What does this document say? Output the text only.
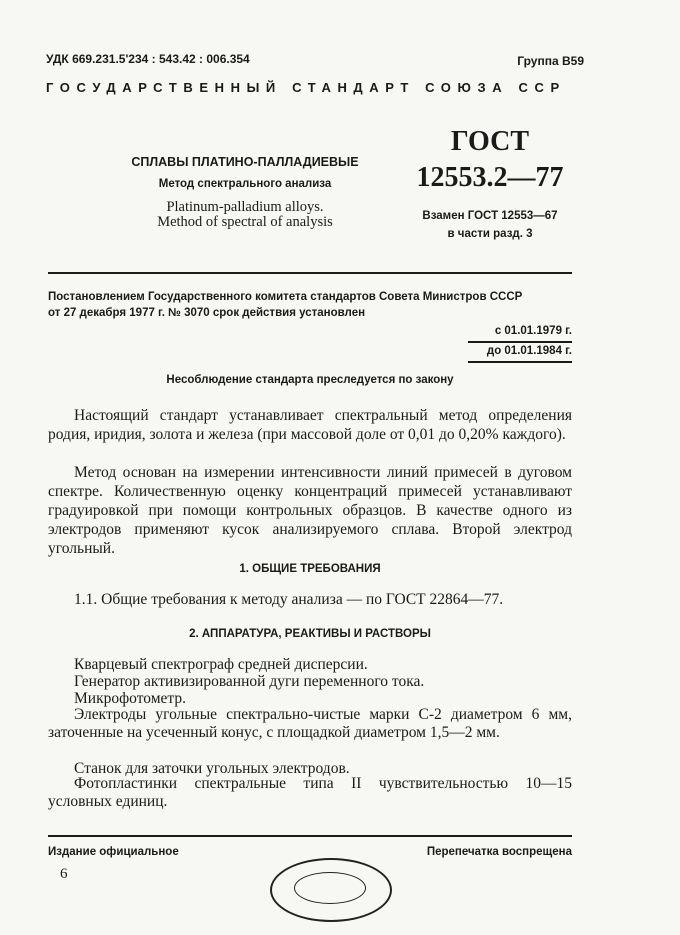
УДК 669.231.5'234 : 543.42 : 006.354	Группа В59
ГОСУДАРСТВЕННЫЙ СТАНДАРТ СОЮЗА ССР
СПЛАВЫ ПЛАТИНО-ПАЛЛАДИЕВЫЕ
Метод спектрального анализа
Platinum-palladium alloys.
Method of spectral of analysis
ГОСТ
12553.2—77
Взамен ГОСТ 12553—67
в части разд. 3
Постановлением Государственного комитета стандартов Совета Министров СССР
от 27 декабря 1977 г. № 3070 срок действия установлен
с 01.01.1979 г.
до 01.01.1984 г.
Несоблюдение стандарта преследуется по закону
Настоящий стандарт устанавливает спектральный метод определения родия, иридия, золота и железа (при массовой доле от 0,01 до 0,20% каждого).
Метод основан на измерении интенсивности линий примесей в дуговом спектре. Количественную оценку концентраций примесей устанавливают градуировкой при помощи контрольных образцов. В качестве одного из электродов применяют кусок анализируемого сплава. Второй электрод угольный.
1. ОБЩИЕ ТРЕБОВАНИЯ
1.1. Общие требования к методу анализа — по ГОСТ 22864—77.
2. АППАРАТУРА, РЕАКТИВЫ И РАСТВОРЫ
Кварцевый спектрограф средней дисперсии.
Генератор активизированной дуги переменного тока.
Микрофотометр.
Электроды угольные спектрально-чистые марки С-2 диаметром 6 мм, заточенные на усеченный конус, с площадкой диаметром 1,5—2 мм.
Станок для заточки угольных электродов.
Фотопластинки спектральные типа II чувствительностью 10—15 условных единиц.
Издание официальное	Перепечатка воспрещена
6
